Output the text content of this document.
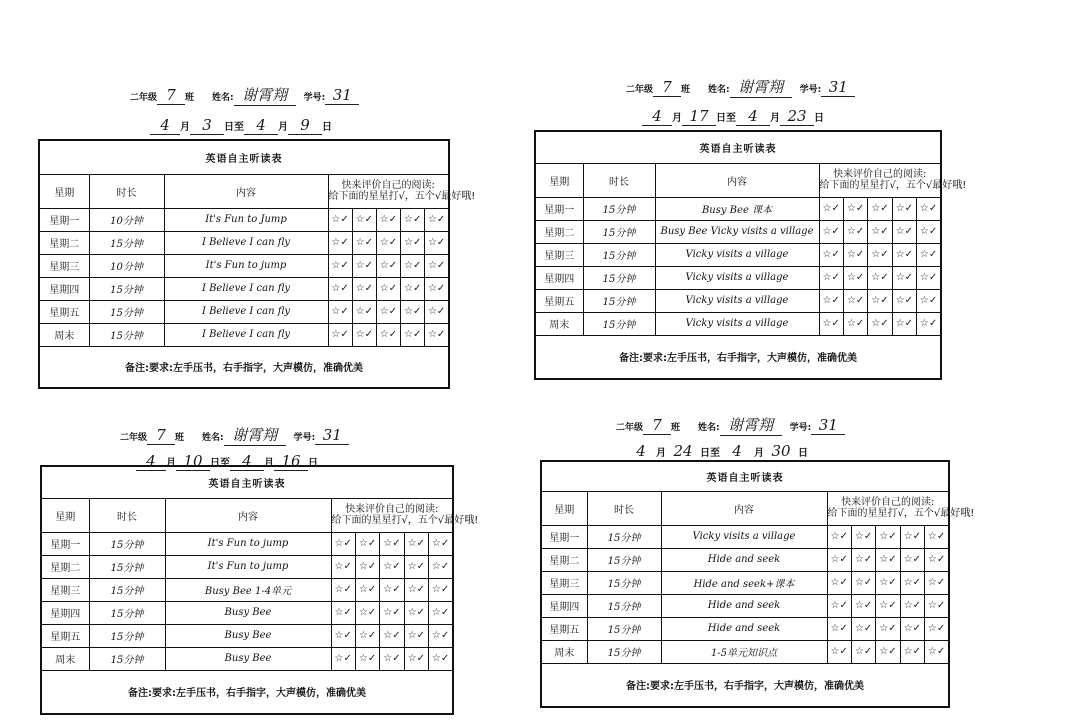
二年级 7	班 姓名: 谢霄翔	学号: 31
4	月 3	日至 4	月 9	日
英语自主听读表							
星期	时长	内容	快来评价自己的阅读:
给下面的星星打√，五个√最好哦!				

星期一	10分钟	It's Fun to Jump	☆✓	☆✓	☆✓	☆✓	☆✓
星期二	15分钟	I Believe I can fly	☆✓	☆✓	☆✓	☆✓	☆✓
星期三	10分钟	It's Fun to jump	☆✓	☆✓	☆✓	☆✓	☆✓
星期四	15分钟	I Believe I can fly	☆✓	☆✓	☆✓	☆✓	☆✓
星期五	15分钟	I Believe I can fly	☆✓	☆✓	☆✓	☆✓	☆✓
周末	15分钟	I Believe I can fly	☆✓	☆✓	☆✓	☆✓	☆✓
备注:要求:左手压书，右手指字，大声模仿，准确优美							
二年级 7	班 姓名: 谢霄翔	学号: 31
4	月 17 日至 4	月 23 日
英语自主听读表							
星期	时长	内容	快来评价自己的阅读:
给下面的星星打√，五个√最好哦!				

星期一	15分钟	Busy Bee 课本	☆✓	☆✓	☆✓	☆✓	☆✓
星期二	15分钟	Busy Bee Vicky visits a village	☆✓	☆✓	☆✓	☆✓	☆✓
星期三	15分钟	Vicky visits a village	☆✓	☆✓	☆✓	☆✓	☆✓
星期四	15分钟	Vicky visits a village	☆✓	☆✓	☆✓	☆✓	☆✓
星期五	15分钟	Vicky visits a village	☆✓	☆✓	☆✓	☆✓	☆✓
周末	15分钟	Vicky visits a village	☆✓	☆✓	☆✓	☆✓	☆✓
备注:要求:左手压书，右手指字，大声模仿，准确优美							
二年级 7	班 姓名: 谢霄翔	学号: 31
4	月 10 日至 4	月 16 日
英语自主听读表							
星期	时长	内容	快来评价自己的阅读:
给下面的星星打√，五个√最好哦!				

星期一	15分钟	It's Fun to jump	☆✓	☆✓	☆✓	☆✓	☆✓
星期二	15分钟	It's Fun to jump	☆✓	☆✓	☆✓	☆✓	☆✓
星期三	15分钟	Busy Bee 1-4单元	☆✓	☆✓	☆✓	☆✓	☆✓
星期四	15分钟	Busy Bee	☆✓	☆✓	☆✓	☆✓	☆✓
星期五	15分钟	Busy Bee	☆✓	☆✓	☆✓	☆✓	☆✓
周末	15分钟	Busy Bee	☆✓	☆✓	☆✓	☆✓	☆✓
备注:要求:左手压书，右手指字，大声模仿，准确优美							
二年级 7	班 姓名: 谢霄翔	学号: 31
4	月 24 日至 4	月 30 日
英语自主听读表							
星期	时长	内容	快来评价自己的阅读:
给下面的星星打√，五个√最好哦!				

星期一	15分钟	Vicky visits a village	☆✓	☆✓	☆✓	☆✓	☆✓
星期二	15分钟	Hide and seek	☆✓	☆✓	☆✓	☆✓	☆✓
星期三	15分钟	Hide and seek+课本	☆✓	☆✓	☆✓	☆✓	☆✓
星期四	15分钟	Hide and seek	☆✓	☆✓	☆✓	☆✓	☆✓
星期五	15分钟	Hide and seek	☆✓	☆✓	☆✓	☆✓	☆✓
周末	15分钟	1-5单元知识点	☆✓	☆✓	☆✓	☆✓	☆✓
备注:要求:左手压书，右手指字，大声模仿，准确优美							
